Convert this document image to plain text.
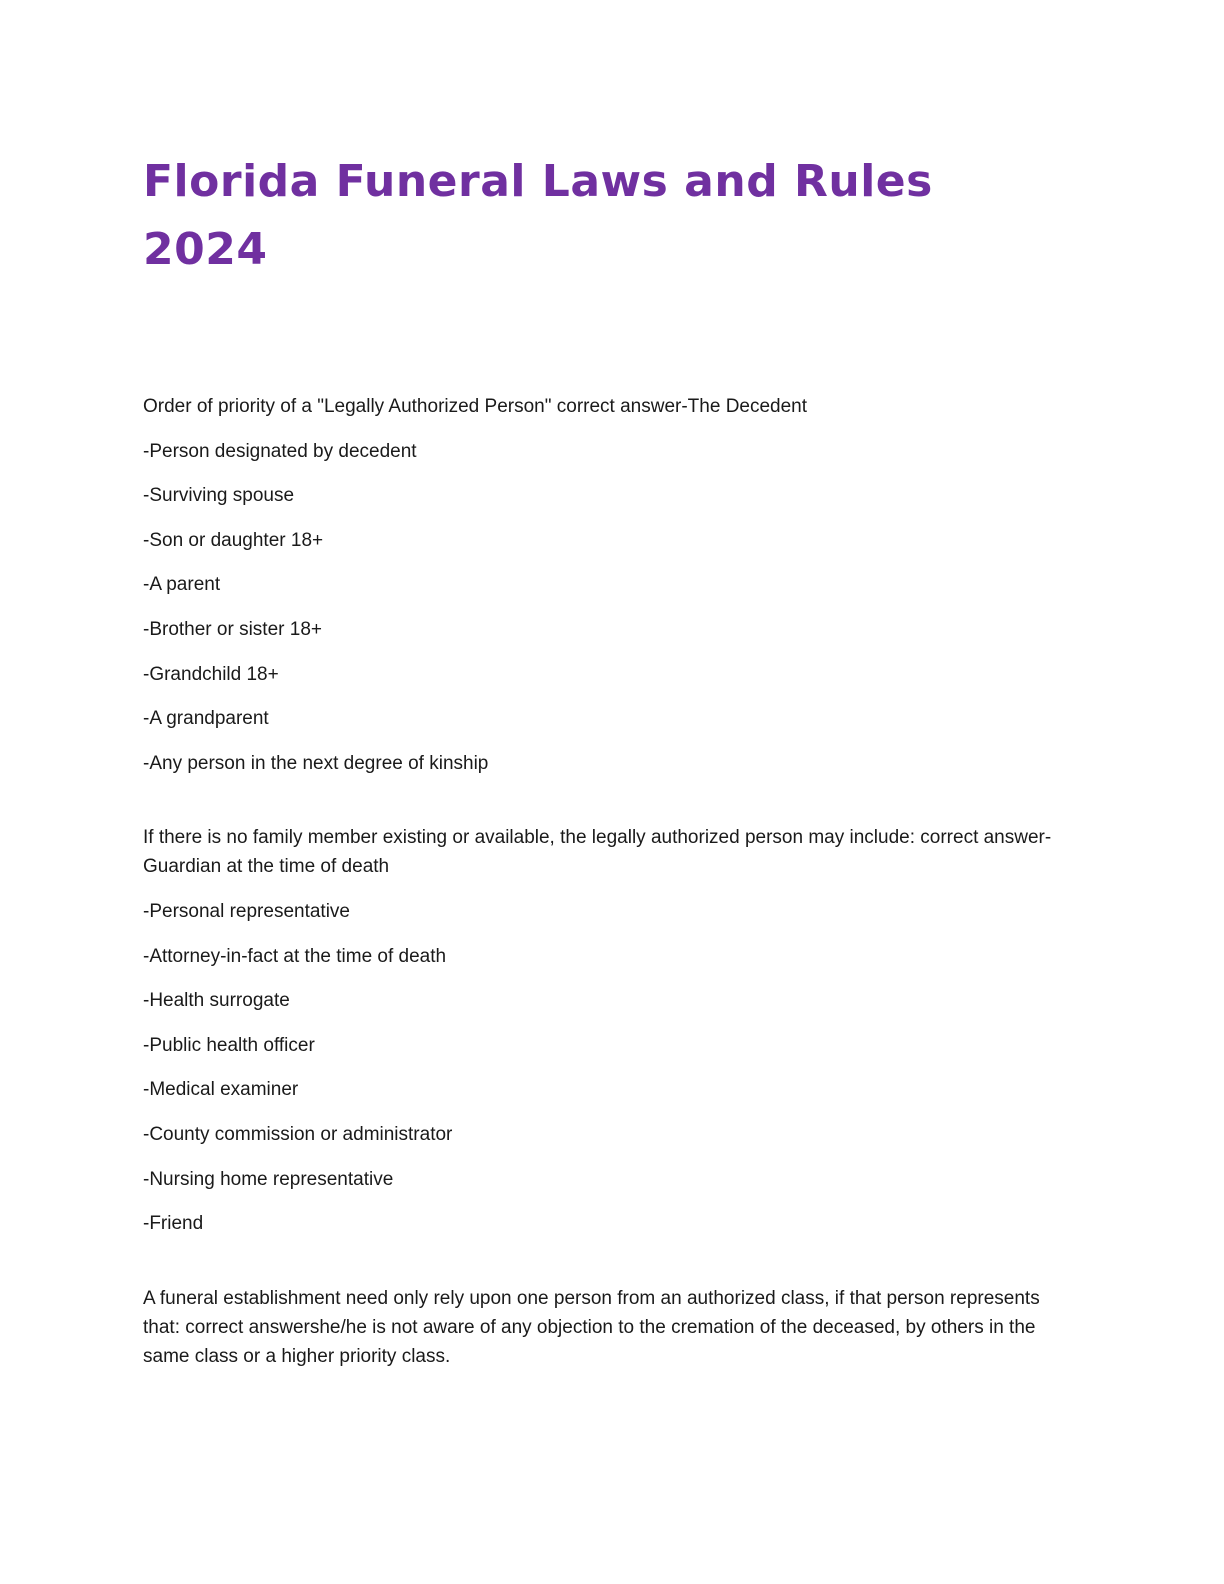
Florida Funeral Laws and Rules 2024

Order of priority of a "Legally Authorized Person" correct answer-The Decedent

-Person designated by decedent

-Surviving spouse

-Son or daughter 18+

-A parent

-Brother or sister 18+

-Grandchild 18+

-A grandparent

-Any person in the next degree of kinship

If there is no family member existing or available, the legally authorized person may include: correct answer-Guardian at the time of death

-Personal representative

-Attorney-in-fact at the time of death

-Health surrogate

-Public health officer

-Medical examiner

-County commission or administrator

-Nursing home representative

-Friend

A funeral establishment need only rely upon one person from an authorized class, if that person represents that: correct answershe/he is not aware of any objection to the cremation of the deceased, by others in the same class or a higher priority class.
